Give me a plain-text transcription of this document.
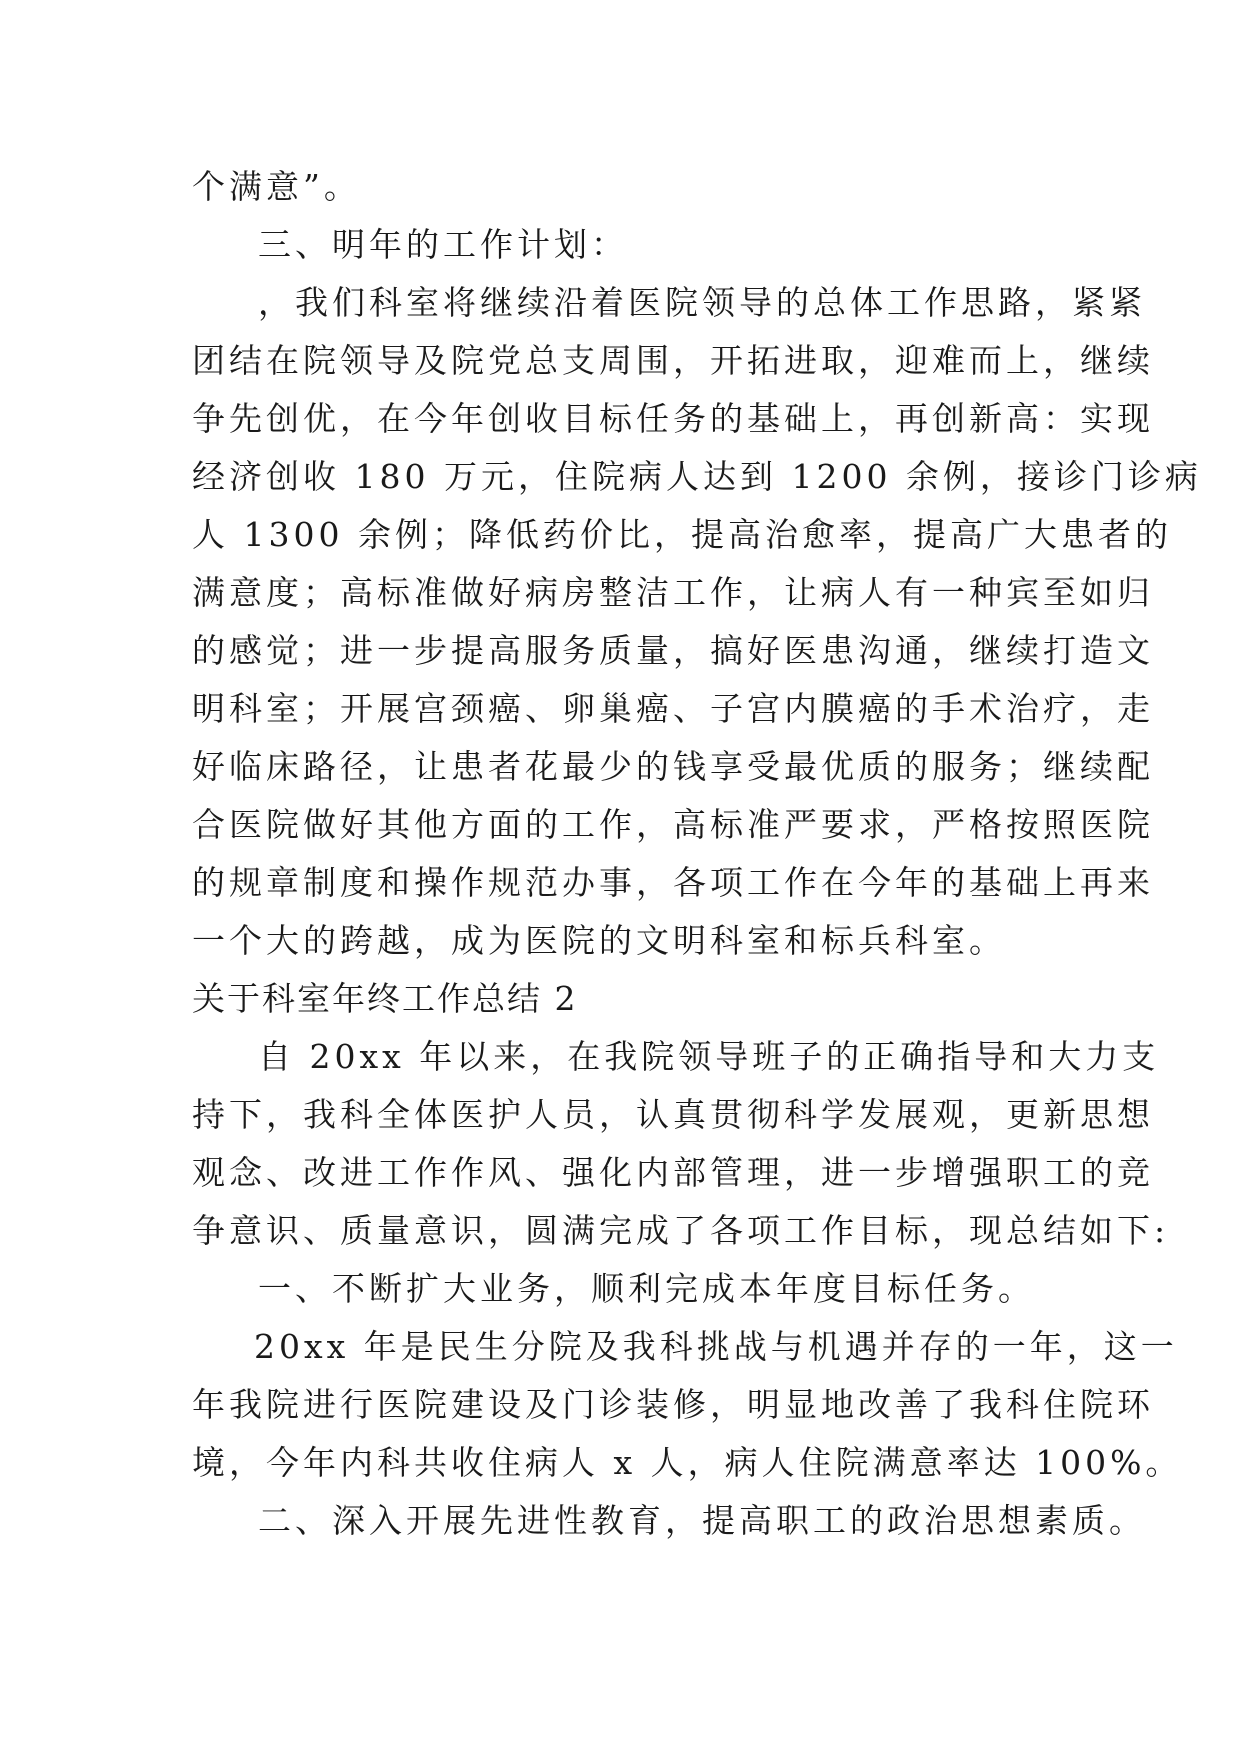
个满意”。
三、明年的工作计划：
，我们科室将继续沿着医院领导的总体工作思路，紧紧
团结在院领导及院党总支周围，开拓进取，迎难而上，继续
争先创优，在今年创收目标任务的基础上，再创新高：实现
经济创收 180 万元，住院病人达到 1200 余例，接诊门诊病
人 1300 余例；降低药价比，提高治愈率，提高广大患者的
满意度；高标准做好病房整洁工作，让病人有一种宾至如归
的感觉；进一步提高服务质量，搞好医患沟通，继续打造文
明科室；开展宫颈癌、卵巢癌、子宫内膜癌的手术治疗，走
好临床路径，让患者花最少的钱享受最优质的服务；继续配
合医院做好其他方面的工作，高标准严要求，严格按照医院
的规章制度和操作规范办事，各项工作在今年的基础上再来
一个大的跨越，成为医院的文明科室和标兵科室。
关于科室年终工作总结 2
自 20xx 年以来，在我院领导班子的正确指导和大力支
持下，我科全体医护人员，认真贯彻科学发展观，更新思想
观念、改进工作作风、强化内部管理，进一步增强职工的竞
争意识、质量意识，圆满完成了各项工作目标，现总结如下:
一、不断扩大业务，顺利完成本年度目标任务。
20xx 年是民生分院及我科挑战与机遇并存的一年，这一
年我院进行医院建设及门诊装修，明显地改善了我科住院环
境，今年内科共收住病人 x 人，病人住院满意率达 100%。
二、深入开展先进性教育，提高职工的政治思想素质。
